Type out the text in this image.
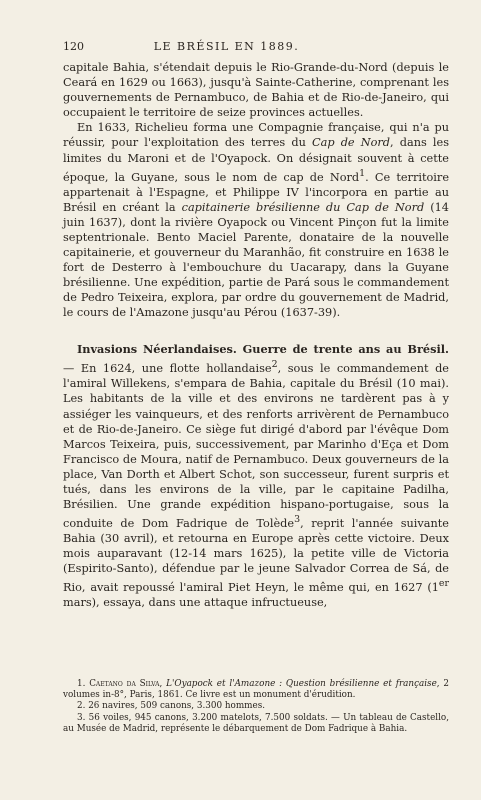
120	LE BRÉSIL EN 1889.

capitale Bahia, s'étendait depuis le Rio-Grande-du-Nord (depuis le Ceará en 1629 ou 1663), jusqu'à Sainte-Catherine, comprenant les gouvernements de Pernambuco, de Bahia et de Rio-de-Janeiro, qui occupaient le territoire de seize provinces actuelles.

En 1633, Richelieu forma une Compagnie française, qui n'a pu réussir, pour l'exploitation des terres du Cap de Nord, dans les limites du Maroni et de l'Oyapock. On désignait souvent à cette époque, la Guyane, sous le nom de cap de Nord$^1$. Ce territoire appartenait à l'Espagne, et Philippe IV l'incorpora en partie au Brésil en créant la capitainerie brésilienne du Cap de Nord (14 juin 1637), dont la rivière Oyapock ou Vincent Pinçon fut la limite septentrionale. Bento Maciel Parente, donataire de la nouvelle capitainerie, et gouverneur du Maranhão, fit construire en 1638 le fort de Desterro à l'embouchure du Uacarapy, dans la Guyane brésilienne. Une expédition, partie de Pará sous le commandement de Pedro Teixeira, explora, par ordre du gouvernement de Madrid, le cours de l'Amazone jusqu'au Pérou (1637-39).

Invasions Néerlandaises. Guerre de trente ans au Brésil. — En 1624, une flotte hollandaise$^2$, sous le commandement de l'amiral Willekens, s'empara de Bahia, capitale du Brésil (10 mai). Les habitants de la ville et des environs ne tardèrent pas à y assiéger les vainqueurs, et des renforts arrivèrent de Pernambuco et de Rio-de-Janeiro. Ce siège fut dirigé d'abord par l'évêque Dom Marcos Teixeira, puis, successivement, par Marinho d'Eça et Dom Francisco de Moura, natif de Pernambuco. Deux gouverneurs de la place, Van Dorth et Albert Schot, son successeur, furent surpris et tués, dans les environs de la ville, par le capitaine Padilha, Brésilien. Une grande expédition hispano-portugaise, sous la conduite de Dom Fadrique de Tolède$^3$, reprit l'année suivante Bahia (30 avril), et retourna en Europe après cette victoire. Deux mois auparavant (12-14 mars 1625), la petite ville de Victoria (Espirito-Santo), défendue par le jeune Salvador Correa de Sá, de Rio, avait repoussé l'amiral Piet Heyn, le même qui, en 1627 (1er mars), essaya, dans une attaque infructueuse,

1. Caetano da Silva, L'Oyapock et l'Amazone : Question brésilienne et française, 2 volumes in-8°, Paris, 1861. Ce livre est un monument d'érudition.

2. 26 navires, 509 canons, 3.300 hommes.

3. 56 voiles, 945 canons, 3.200 matelots, 7.500 soldats. — Un tableau de Castello, au Musée de Madrid, représente le débarquement de Dom Fadrique à Bahia.
